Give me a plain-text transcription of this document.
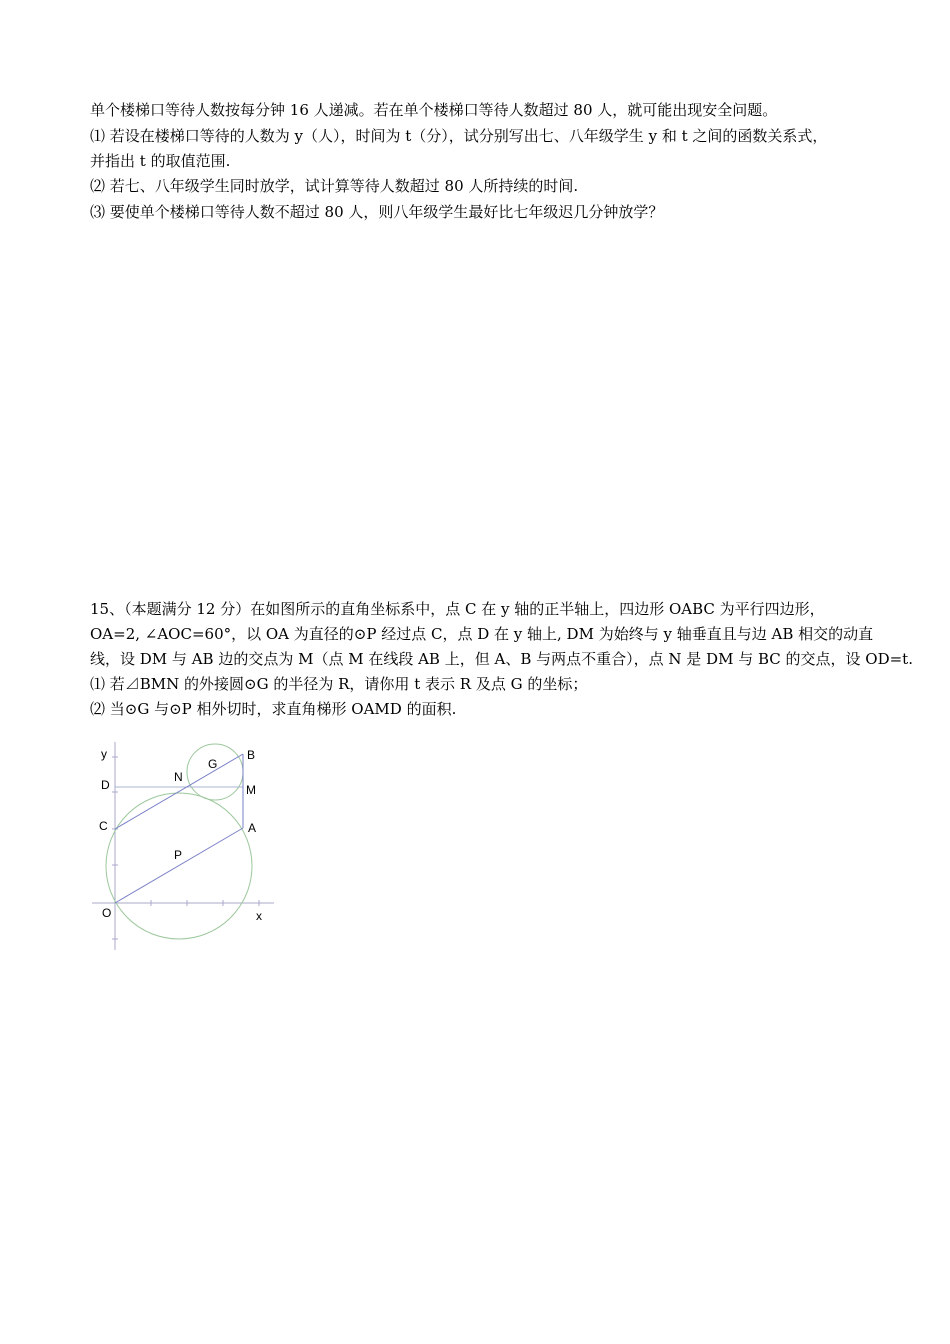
单个楼梯口等待人数按每分钟 16 人递减。若在单个楼梯口等待人数超过 80 人，就可能出现安全问题。
⑴ 若设在楼梯口等待的人数为 y（人），时间为 t（分），试分别写出七、八年级学生 y 和 t 之间的函数关系式，
并指出 t 的取值范围.
⑵ 若七、八年级学生同时放学，试计算等待人数超过 80 人所持续的时间.
⑶ 要使单个楼梯口等待人数不超过 80 人，则八年级学生最好比七年级迟几分钟放学？
15、（本题满分 12 分）在如图所示的直角坐标系中，点 C 在 y 轴的正半轴上，四边形 OABC 为平行四边形，
OA=2, ∠AOC=60°，以 OA 为直径的⊙P 经过点 C，点 D 在 y 轴上, DM 为始终与 y 轴垂直且与边 AB 相交的动直
线，设 DM 与 AB 边的交点为 M（点 M 在线段 AB 上，但 A、B 与两点不重合），点 N 是 DM 与 BC 的交点，设 OD=t.
⑴ 若⊿BMN 的外接圆⊙G 的半径为 R，请你用 t 表示 R 及点 G 的坐标；
⑵ 当⊙G 与⊙P 相外切时，求直角梯形 OAMD 的面积.
y
D
C
O	x
N
G
B
M
A
P
